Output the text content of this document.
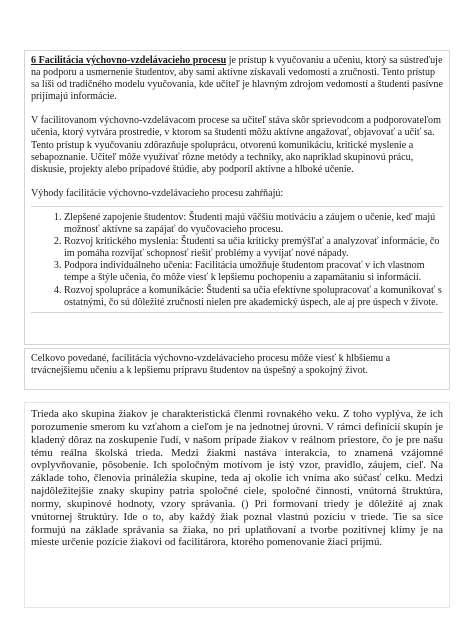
6 Facilitácia výchovno-vzdelávacieho procesu je prístup k vyučovaniu a učeniu, ktorý sa sústreďuje na podporu a usmernenie študentov, aby sami aktívne získavali vedomosti a zručnosti. Tento prístup sa líši od tradičného modelu vyučovania, kde učiteľ je hlavným zdrojom vedomostí a študenti pasívne prijímajú informácie.

V facilitovanom výchovno-vzdelávacom procese sa učiteľ stáva skôr sprievodcom a podporovateľom učenia, ktorý vytvára prostredie, v ktorom sa študenti môžu aktívne angažovať, objavovať a učiť sa. Tento prístup k vyučovaniu zdôrazňuje spoluprácu, otvorenú komunikáciu, kritické myslenie a sebapoznanie. Učiteľ môže využívať rôzne metódy a techniky, ako napríklad skupinovú prácu, diskusie, projekty alebo prípadové štúdie, aby podporil aktívne a hlboké učenie.

Výhody facilitácie výchovno-vzdelávacieho procesu zahŕňajú:

1. Zlepšené zapojenie študentov: Študenti majú väčšiu motiváciu a záujem o učenie, keď majú možnosť aktívne sa zapájať do vyučovacieho procesu.
2. Rozvoj kritického myslenia: Študenti sa učia kriticky premýšľať a analyzovať informácie, čo im pomáha rozvíjať schopnosť riešiť problémy a vyvíjať nové nápady.
3. Podpora individuálneho učenia: Facilitácia umožňuje študentom pracovať v ich vlastnom tempe a štýle učenia, čo môže viesť k lepšiemu pochopeniu a zapamätaniu si informácií.
4. Rozvoj spolupráce a komunikácie: Študenti sa učia efektívne spolupracovať a komunikovať s ostatnými, čo sú dôležité zručnosti nielen pre akademický úspech, ale aj pre úspech v živote.

Celkovo povedané, facilitácia výchovno-vzdelávacieho procesu môže viesť k hlbšiemu a trvácnejšiemu učeniu a k lepšiemu prípravu študentov na úspešný a spokojný život.

Trieda ako skupina žiakov je charakteristická členmi rovnakého veku. Z toho vyplýva, že ich porozumenie smerom ku vzťahom a cieľom je na jednotnej úrovni. V rámci definícií skupín je kladený dôraz na zoskupenie ľudí, v našom prípade žiakov v reálnom priestore, čo je pre našu tému reálna školská trieda. Medzi žiakmi nastáva interakcia, to znamená vzájomné ovplyvňovanie, pôsobenie. Ich spoločným motívom je istý vzor, pravidlo, záujem, cieľ. Na základe toho, členovia prináležia skupine, teda aj okolie ich vníma ako súčasť celku. Medzi najdôležitejšie znaky skupiny patria spoločné ciele, spoločné činnosti, vnútorná štruktúra, normy, skupinové hodnoty, vzory správania. () Pri formovaní triedy je dôležité aj znak vnútornej štruktúry. Ide o to, aby každý žiak poznal vlastnú pozíciu v triede. Tie sa síce formujú na základe správania sa žiaka, no pri uplatňovaní a tvorbe pozitívnej klímy je na mieste určenie pozície žiakovi od facilitárora, ktorého pomenovanie žiaci prijmú.
